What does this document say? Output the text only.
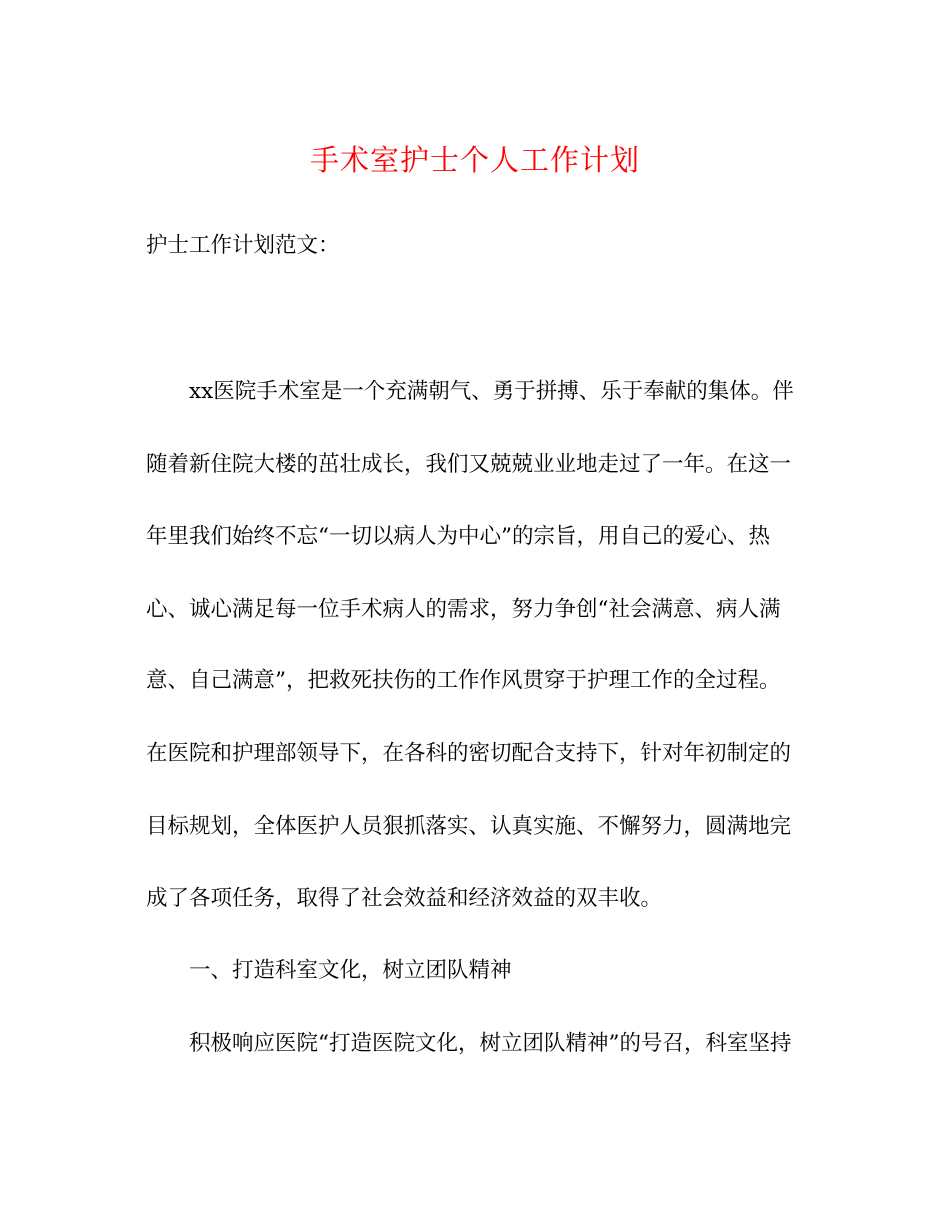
手术室护士个人工作计划

护士工作计划范文：

xx医院手术室是一个充满朝气、勇于拼搏、乐于奉献的集体。伴

随着新住院大楼的茁壮成长，我们又兢兢业业地走过了一年。在这一

年里我们始终不忘“一切以病人为中心”的宗旨，用自己的爱心、热

心、诚心满足每一位手术病人的需求，努力争创“社会满意、病人满

意、自己满意”，把救死扶伤的工作作风贯穿于护理工作的全过程。

在医院和护理部领导下，在各科的密切配合支持下，针对年初制定的

目标规划，全体医护人员狠抓落实、认真实施、不懈努力，圆满地完

成了各项任务，取得了社会效益和经济效益的双丰收。

一、打造科室文化，树立团队精神

积极响应医院“打造医院文化，树立团队精神”的号召，科室坚持
